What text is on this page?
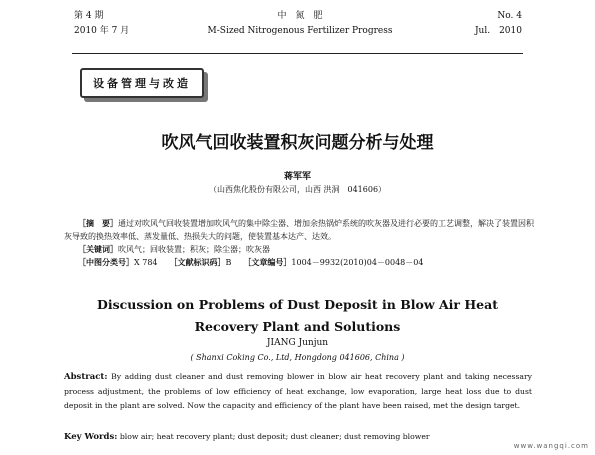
第 4 期
2010 年 7 月
中　氮　肥
M-Sized Nitrogenous Fertilizer Progress
No. 4
Jul.　2010
设备管理与改造
吹风气回收装置积灰问题分析与处理
蒋军军
（山西焦化股份有限公司，山西 洪洞　041606）

［摘　要］通过对吹风气回收装置增加吹风气的集中除尘器、增加余热锅炉系统的吹灰器及进行必要的工艺调整，解决了装置因积灰导致的换热效率低、蒸发量低、热损失大的问题，使装置基本达产、达效。

［关键词］吹风气；回收装置；积灰；除尘器；吹灰器

［中图分类号］X 784　　 ［文献标识码］B　　 ［文章编号］1004－9932(2010)04－0048－04

Discussion on Problems of Dust Deposit in Blow Air Heat
Recovery Plant and Solutions
JIANG Junjun
( Shanxi Coking Co., Ltd, Hongdong 041606, China )

Abstract: By adding dust cleaner and dust removing blower in blow air heat recovery plant and taking necessary process adjustment, the problems of low efficiency of heat exchange, low evaporation, large heat loss due to dust deposit in the plant are solved. Now the capacity and efficiency of the plant have been raised, met the design target.

Key Words: blow air; heat recovery plant; dust deposit; dust cleaner; dust removing blower
www.wangqi.com
